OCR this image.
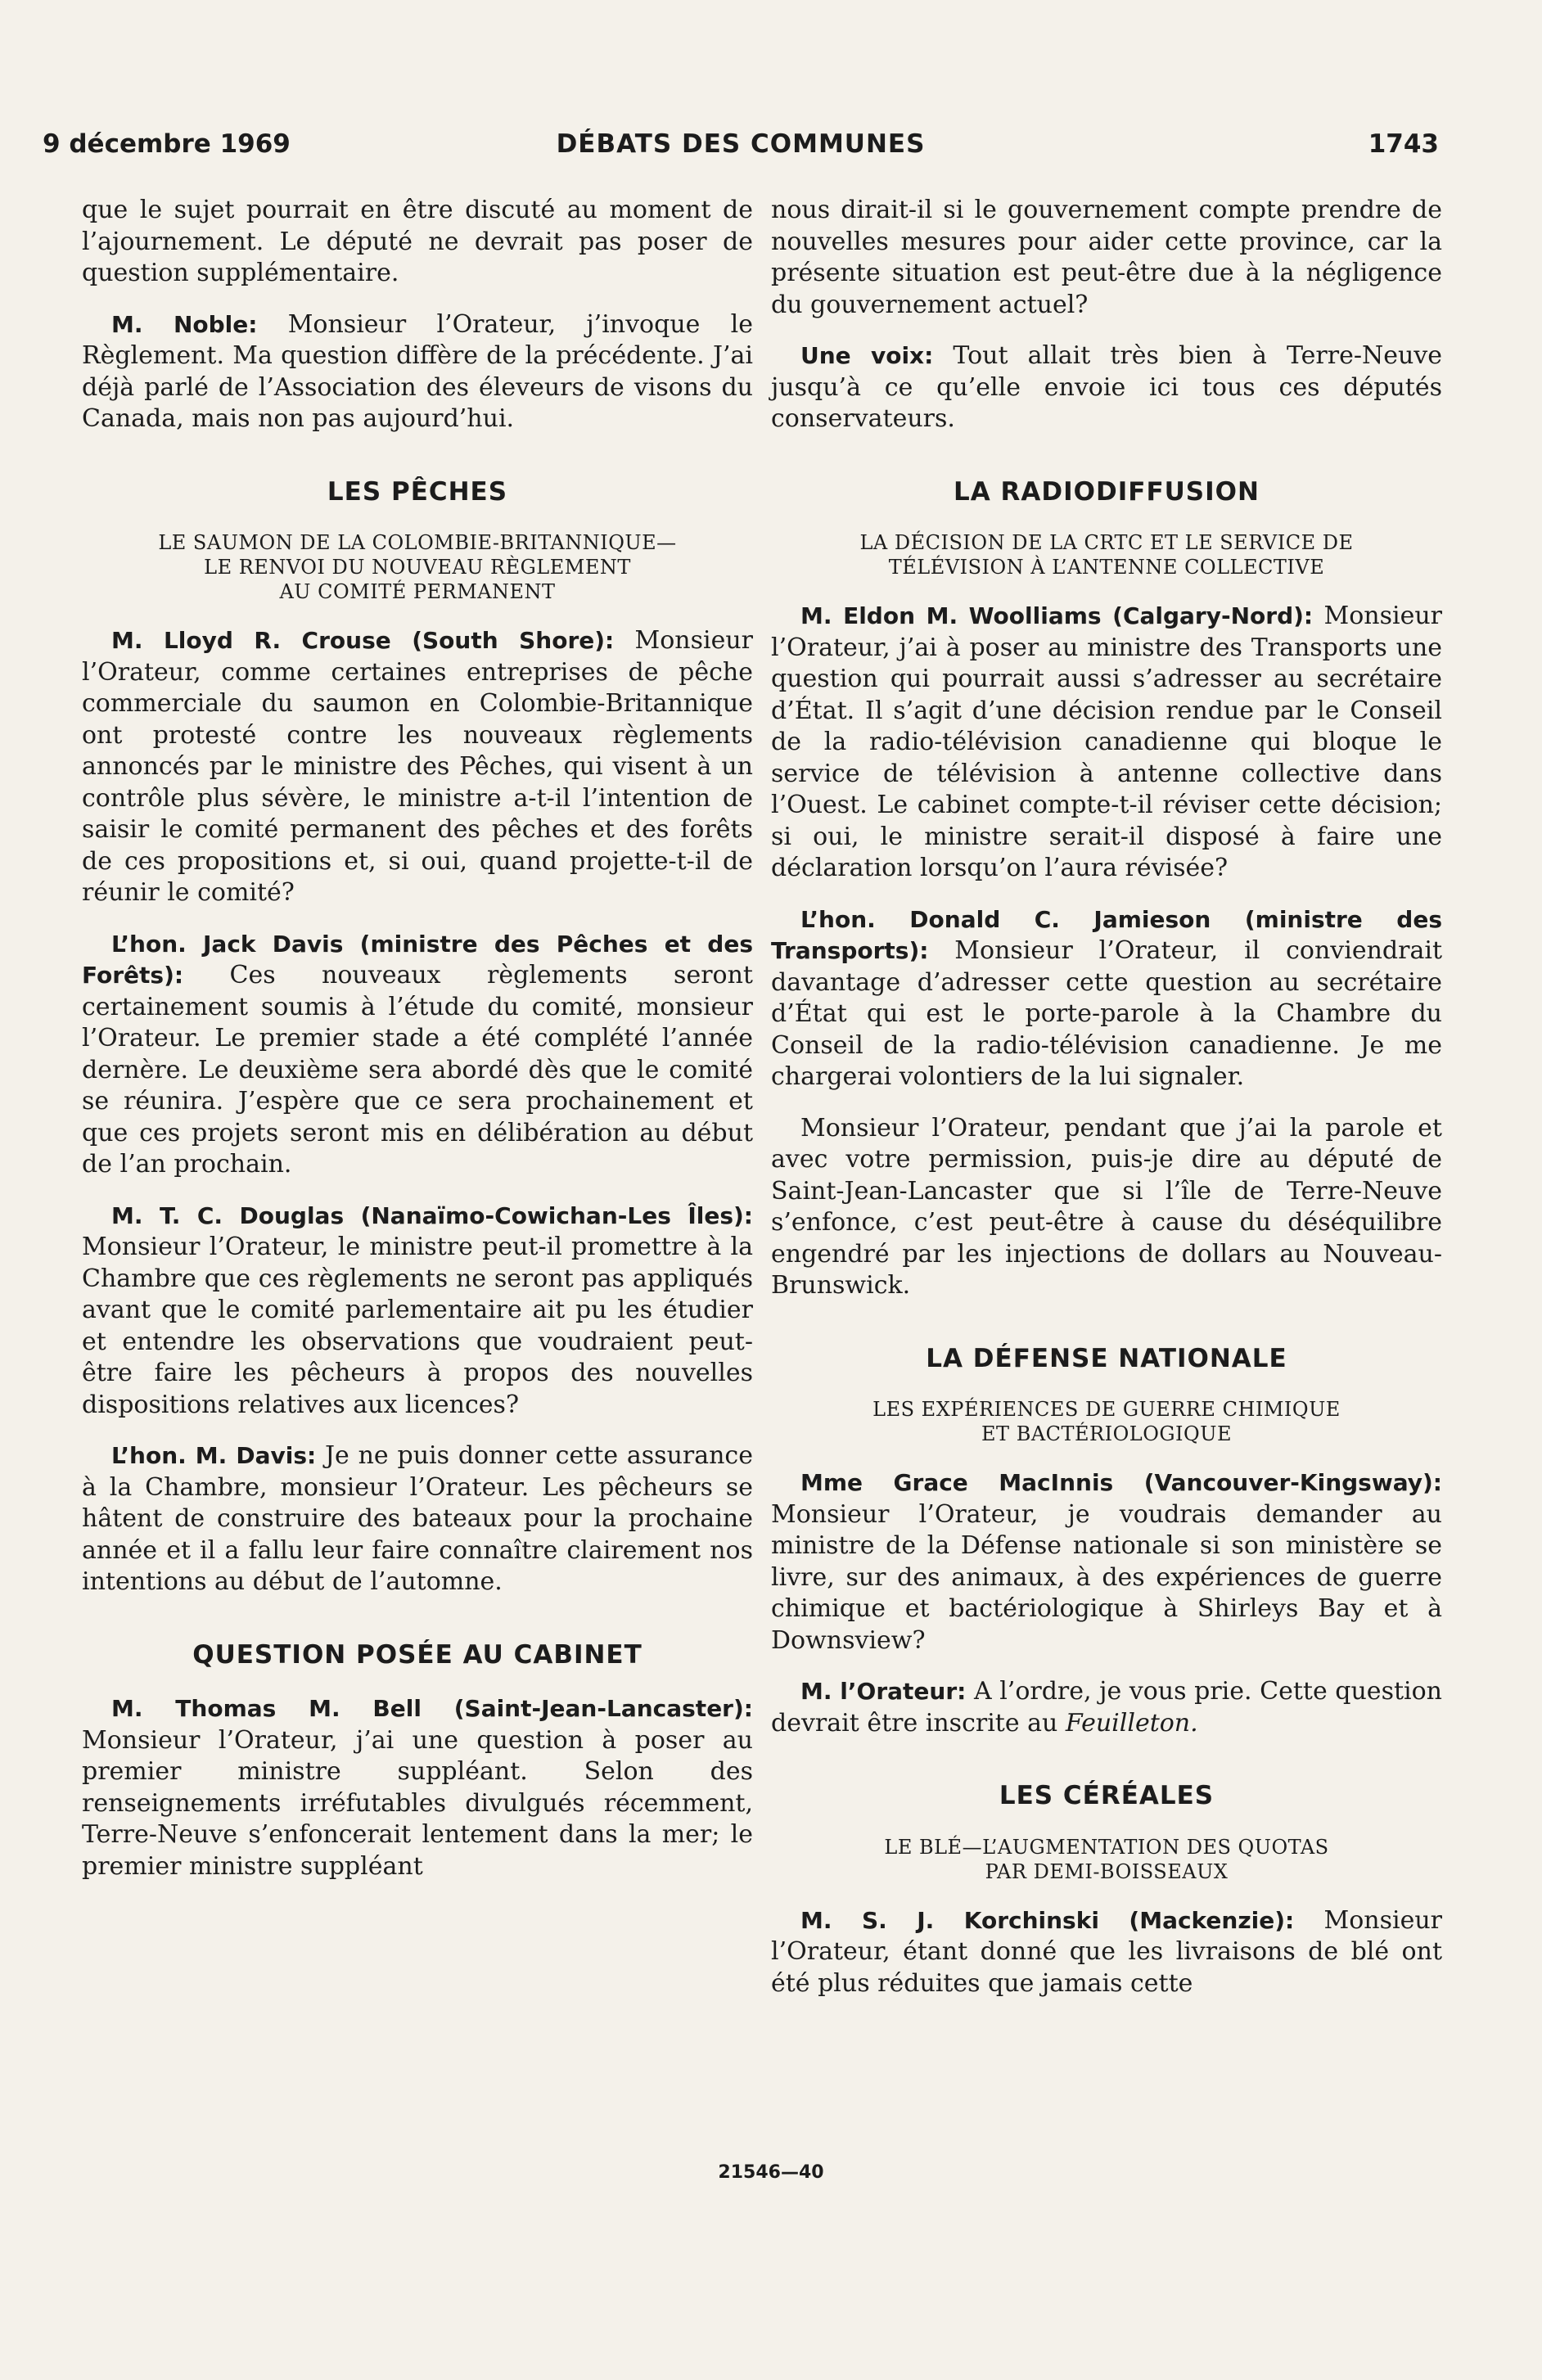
9 décembre 1969	DÉBATS DES COMMUNES	1743

que le sujet pourrait en être discuté au moment de l’ajournement. Le député ne devrait pas poser de question supplémentaire.

M. Noble: Monsieur l’Orateur, j’invoque le Règlement. Ma question diffère de la précédente. J’ai déjà parlé de l’Association des éleveurs de visons du Canada, mais non pas aujourd’hui.

LES PÊCHES
LE SAUMON DE LA COLOMBIE-BRITANNIQUE—
LE RENVOI DU NOUVEAU RÈGLEMENT
AU COMITÉ PERMANENT

M. Lloyd R. Crouse (South Shore): Monsieur l’Orateur, comme certaines entreprises de pêche commerciale du saumon en Colombie-Britannique ont protesté contre les nouveaux règlements annoncés par le ministre des Pêches, qui visent à un contrôle plus sévère, le ministre a-t-il l’intention de saisir le comité permanent des pêches et des forêts de ces propositions et, si oui, quand projette-t-il de réunir le comité?

L’hon. Jack Davis (ministre des Pêches et des Forêts): Ces nouveaux règlements seront certainement soumis à l’étude du comité, monsieur l’Orateur. Le premier stade a été complété l’année dernère. Le deuxième sera abordé dès que le comité se réunira. J’espère que ce sera prochainement et que ces projets seront mis en délibération au début de l’an prochain.

M. T. C. Douglas (Nanaïmo-Cowichan-Les Îles): Monsieur l’Orateur, le ministre peut-il promettre à la Chambre que ces règlements ne seront pas appliqués avant que le comité parlementaire ait pu les étudier et entendre les observations que voudraient peut-être faire les pêcheurs à propos des nouvelles dispositions relatives aux licences?

L’hon. M. Davis: Je ne puis donner cette assurance à la Chambre, monsieur l’Orateur. Les pêcheurs se hâtent de construire des bateaux pour la prochaine année et il a fallu leur faire connaître clairement nos intentions au début de l’automne.

QUESTION POSÉE AU CABINET

M. Thomas M. Bell (Saint-Jean-Lancaster): Monsieur l’Orateur, j’ai une question à poser au premier ministre suppléant. Selon des renseignements irréfutables divulgués récemment, Terre-Neuve s’enfoncerait lentement dans la mer; le premier ministre suppléant

nous dirait-il si le gouvernement compte prendre de nouvelles mesures pour aider cette province, car la présente situation est peut-être due à la négligence du gouvernement actuel?

Une voix: Tout allait très bien à Terre-Neuve jusqu’à ce qu’elle envoie ici tous ces députés conservateurs.

LA RADIODIFFUSION
LA DÉCISION DE LA CRTC ET LE SERVICE DE
TÉLÉVISION À L’ANTENNE COLLECTIVE

M. Eldon M. Woolliams (Calgary-Nord): Monsieur l’Orateur, j’ai à poser au ministre des Transports une question qui pourrait aussi s’adresser au secrétaire d’État. Il s’agit d’une décision rendue par le Conseil de la radio-télévision canadienne qui bloque le service de télévision à antenne collective dans l’Ouest. Le cabinet compte-t-il réviser cette décision; si oui, le ministre serait-il disposé à faire une déclaration lorsqu’on l’aura révisée?

L’hon. Donald C. Jamieson (ministre des Transports): Monsieur l’Orateur, il conviendrait davantage d’adresser cette question au secrétaire d’État qui est le porte-parole à la Chambre du Conseil de la radio-télévision canadienne. Je me chargerai volontiers de la lui signaler.

Monsieur l’Orateur, pendant que j’ai la parole et avec votre permission, puis-je dire au député de Saint-Jean-Lancaster que si l’île de Terre-Neuve s’enfonce, c’est peut-être à cause du déséquilibre engendré par les injections de dollars au Nouveau-Brunswick.

LA DÉFENSE NATIONALE
LES EXPÉRIENCES DE GUERRE CHIMIQUE
ET BACTÉRIOLOGIQUE

Mme Grace MacInnis (Vancouver-Kingsway): Monsieur l’Orateur, je voudrais demander au ministre de la Défense nationale si son ministère se livre, sur des animaux, à des expériences de guerre chimique et bactériologique à Shirleys Bay et à Downsview?

M. l’Orateur: A l’ordre, je vous prie. Cette question devrait être inscrite au Feuilleton.

LES CÉRÉALES
LE BLÉ—L’AUGMENTATION DES QUOTAS
PAR DEMI-BOISSEAUX

M. S. J. Korchinski (Mackenzie): Monsieur l’Orateur, étant donné que les livraisons de blé ont été plus réduites que jamais cette

21546—40
